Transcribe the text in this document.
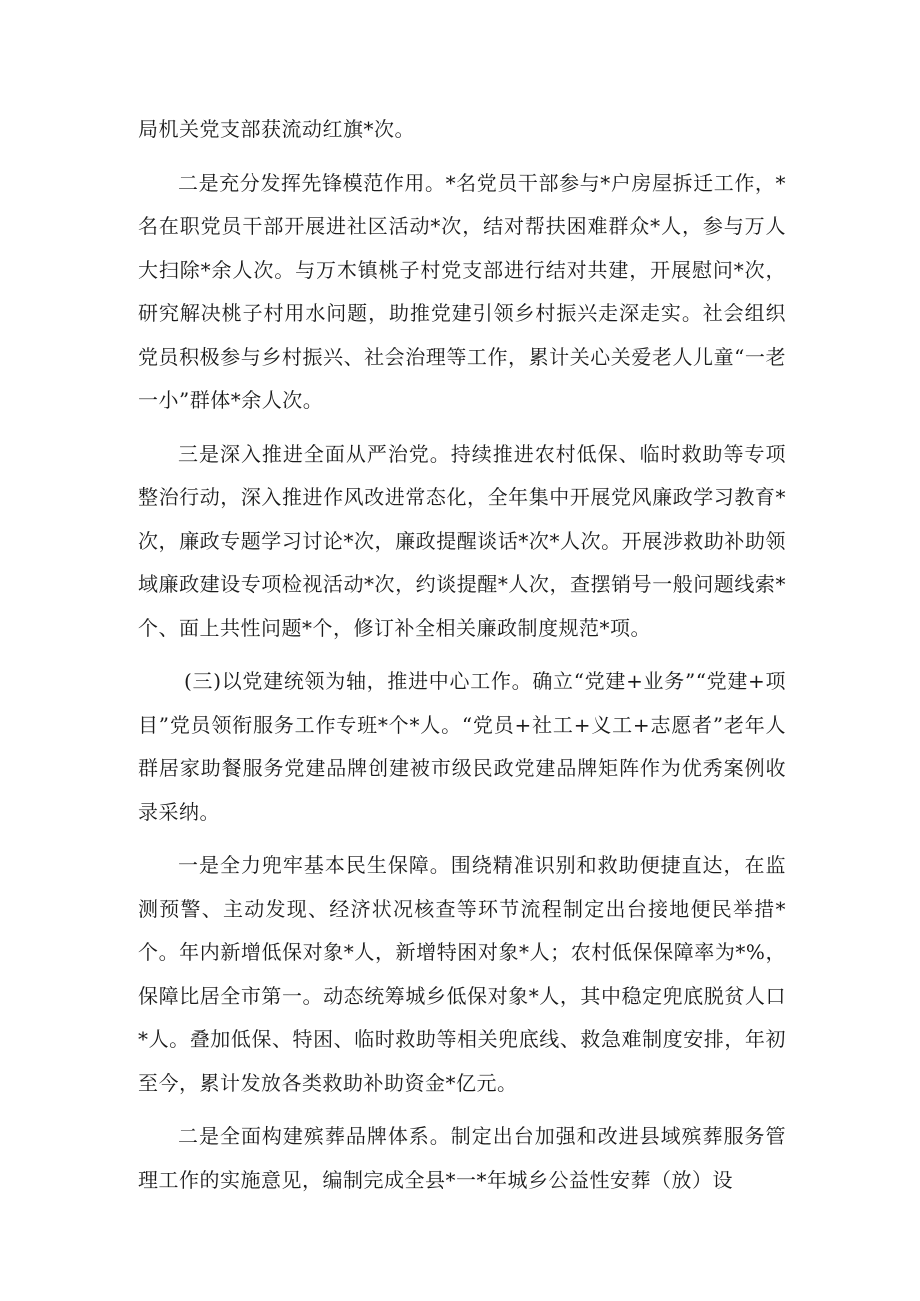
局机关党支部获流动红旗*次。

二是充分发挥先锋模范作用。*名党员干部参与*户房屋拆迁工作，*名在职党员干部开展进社区活动*次，结对帮扶困难群众*人，参与万人大扫除*余人次。与万木镇桃子村党支部进行结对共建，开展慰问*次，研究解决桃子村用水问题，助推党建引领乡村振兴走深走实。社会组织党员积极参与乡村振兴、社会治理等工作，累计关心关爱老人儿童“一老一小”群体*余人次。

三是深入推进全面从严治党。持续推进农村低保、临时救助等专项整治行动，深入推进作风改进常态化，全年集中开展党风廉政学习教育*次，廉政专题学习讨论*次，廉政提醒谈话*次*人次。开展涉救助补助领域廉政建设专项检视活动*次，约谈提醒*人次，查摆销号一般问题线索*个、面上共性问题*个，修订补全相关廉政制度规范*项。

(三)以党建统领为轴，推进中心工作。确立“党建+业务”“党建+项目”党员领衔服务工作专班*个*人。“党员+社工+义工+志愿者”老年人群居家助餐服务党建品牌创建被市级民政党建品牌矩阵作为优秀案例收录采纳。

一是全力兜牢基本民生保障。围绕精准识别和救助便捷直达，在监测预警、主动发现、经济状况核查等环节流程制定出台接地便民举措*个。年内新增低保对象*人，新增特困对象*人；农村低保保障率为*%，保障比居全市第一。动态统筹城乡低保对象*人，其中稳定兜底脱贫人口*人。叠加低保、特困、临时救助等相关兜底线、救急难制度安排，年初至今，累计发放各类救助补助资金*亿元。

二是全面构建殡葬品牌体系。制定出台加强和改进县域殡葬服务管理工作的实施意见，编制完成全县*一*年城乡公益性安葬（放）设
